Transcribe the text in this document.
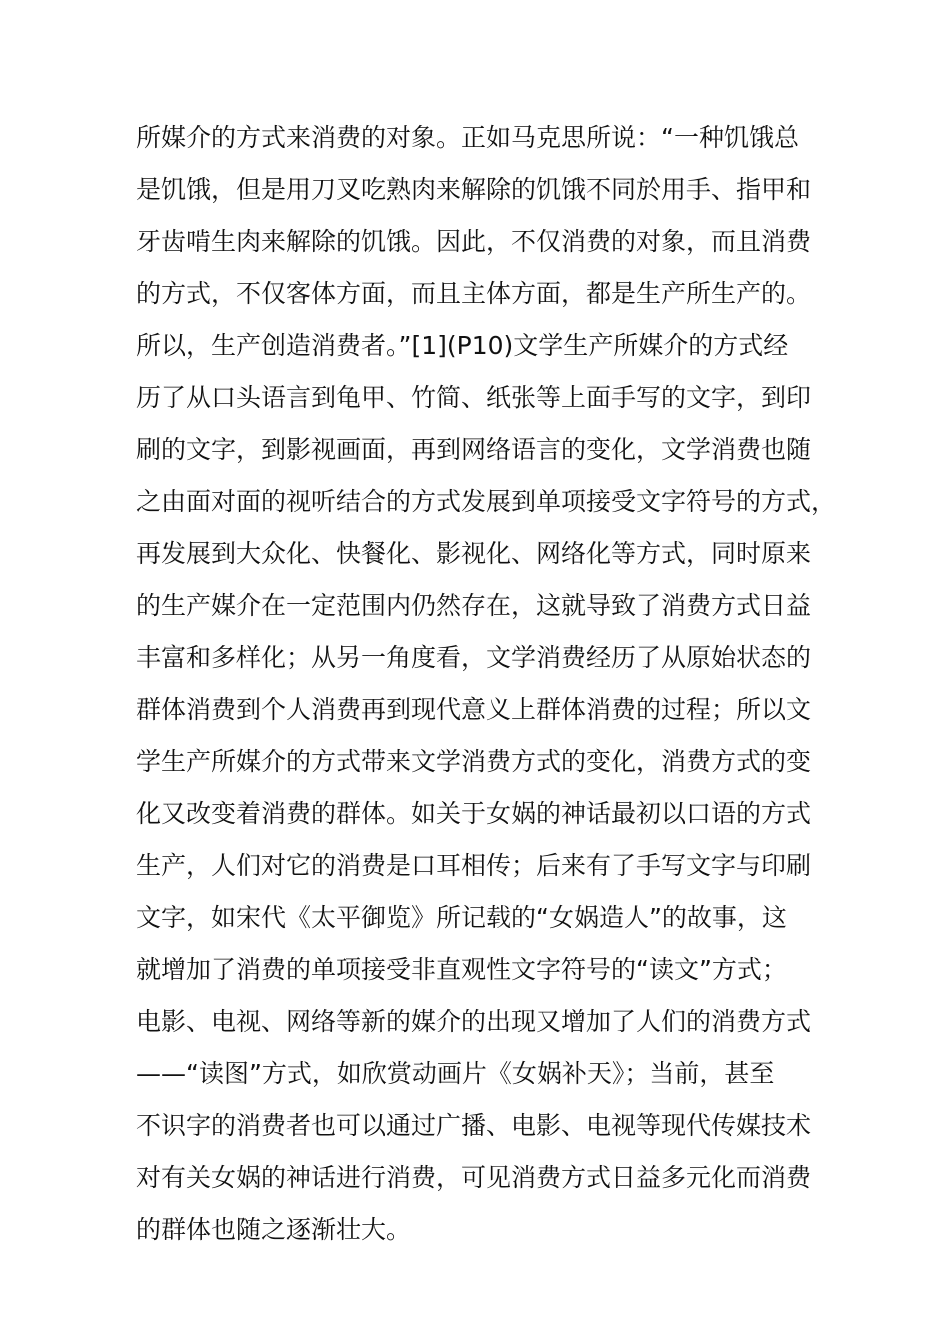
所媒介的方式来消费的对象。正如马克思所说：“一种饥饿总
是饥饿，但是用刀叉吃熟肉来解除的饥饿不同於用手、指甲和
牙齿啃生肉来解除的饥饿。因此，不仅消费的对象，而且消费
的方式，不仅客体方面，而且主体方面，都是生产所生产的。
所以，生产创造消费者。”[1](P10)文学生产所媒介的方式经
历了从口头语言到龟甲、竹简、纸张等上面手写的文字，到印
刷的文字，到影视画面，再到网络语言的变化，文学消费也随
之由面对面的视听结合的方式发展到单项接受文字符号的方式，
再发展到大众化、快餐化、影视化、网络化等方式，同时原来
的生产媒介在一定范围内仍然存在，这就导致了消费方式日益
丰富和多样化；从另一角度看，文学消费经历了从原始状态的
群体消费到个人消费再到现代意义上群体消费的过程；所以文
学生产所媒介的方式带来文学消费方式的变化，消费方式的变
化又改变着消费的群体。如关于女娲的神话最初以口语的方式
生产，人们对它的消费是口耳相传；后来有了手写文字与印刷
文字，如宋代《太平御览》所记载的“女娲造人”的故事，这
就增加了消费的单项接受非直观性文字符号的“读文”方式；
电影、电视、网络等新的媒介的出现又增加了人们的消费方式
——“读图”方式，如欣赏动画片《女娲补天》；当前，甚至
不识字的消费者也可以通过广播、电影、电视等现代传媒技术
对有关女娲的神话进行消费，可见消费方式日益多元化而消费
的群体也随之逐渐壮大。
